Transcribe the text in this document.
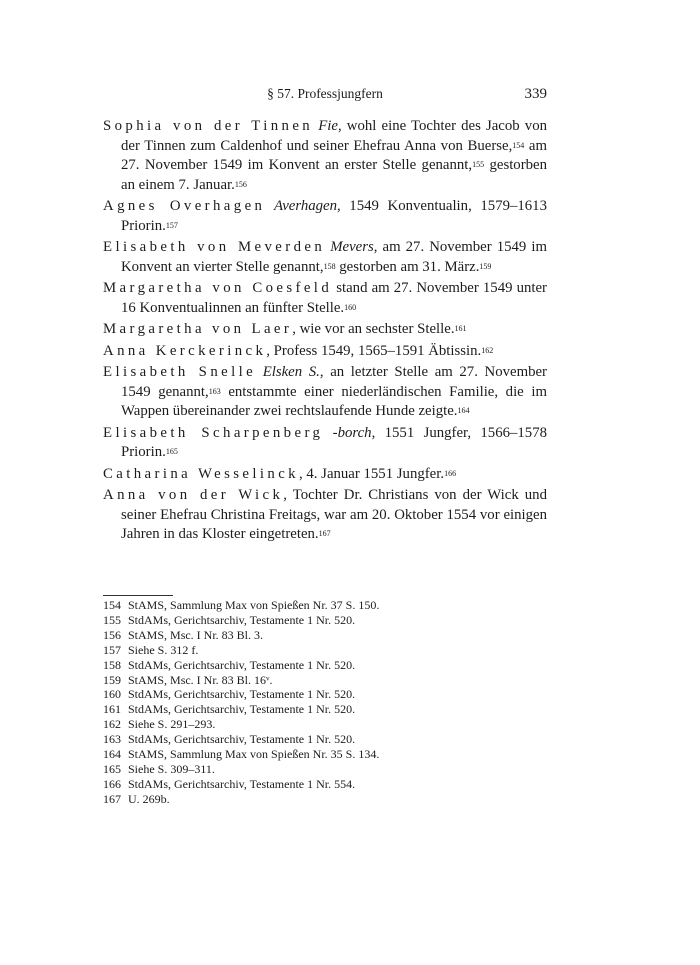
§ 57. Professjungfern	339

Sophia von der Tinnen Fie, wohl eine Tochter des Jacob von der Tinnen zum Caldenhof und seiner Ehefrau Anna von Buerse,$^{154}$ am 27. November 1549 im Konvent an erster Stelle genannt,$^{155}$ gestorben an einem 7. Januar.$^{156}$

Agnes Overhagen Averhagen, 1549 Konventualin, 1579–1613 Priorin.$^{157}$

Elisabeth von Meverden Mevers, am 27. November 1549 im Konvent an vierter Stelle genannt,$^{158}$ gestorben am 31. März.$^{159}$

Margaretha von Coesfeld stand am 27. November 1549 unter 16 Konventualinnen an fünfter Stelle.$^{160}$

Margaretha von Laer, wie vor an sechster Stelle.$^{161}$

Anna Kerckerinck, Profess 1549, 1565–1591 Äbtissin.$^{162}$

Elisabeth Snelle Elsken S., an letzter Stelle am 27. November 1549 genannt,$^{163}$ entstammte einer niederländischen Familie, die im Wappen übereinander zwei rechtslaufende Hunde zeigte.$^{164}$

Elisabeth Scharpenberg -borch, 1551 Jungfer, 1566–1578 Priorin.$^{165}$

Catharina Wesselinck, 4. Januar 1551 Jungfer.$^{166}$

Anna von der Wick, Tochter Dr. Christians von der Wick und seiner Ehefrau Christina Freitags, war am 20. Oktober 1554 vor einigen Jahren in das Kloster eingetreten.$^{167}$

154 StAMS, Sammlung Max von Spießen Nr. 37 S. 150.
155 StdAMs, Gerichtsarchiv, Testamente 1 Nr. 520.
156 StAMS, Msc. I Nr. 83 Bl. 3.
157 Siehe S. 312 f.
158 StdAMs, Gerichtsarchiv, Testamente 1 Nr. 520.
159 StAMS, Msc. I Nr. 83 Bl. 16ᵛ.
160 StdAMs, Gerichtsarchiv, Testamente 1 Nr. 520.
161 StdAMs, Gerichtsarchiv, Testamente 1 Nr. 520.
162 Siehe S. 291–293.
163 StdAMs, Gerichtsarchiv, Testamente 1 Nr. 520.
164 StAMS, Sammlung Max von Spießen Nr. 35 S. 134.
165 Siehe S. 309–311.
166 StdAMs, Gerichtsarchiv, Testamente 1 Nr. 554.
167 U. 269b.
